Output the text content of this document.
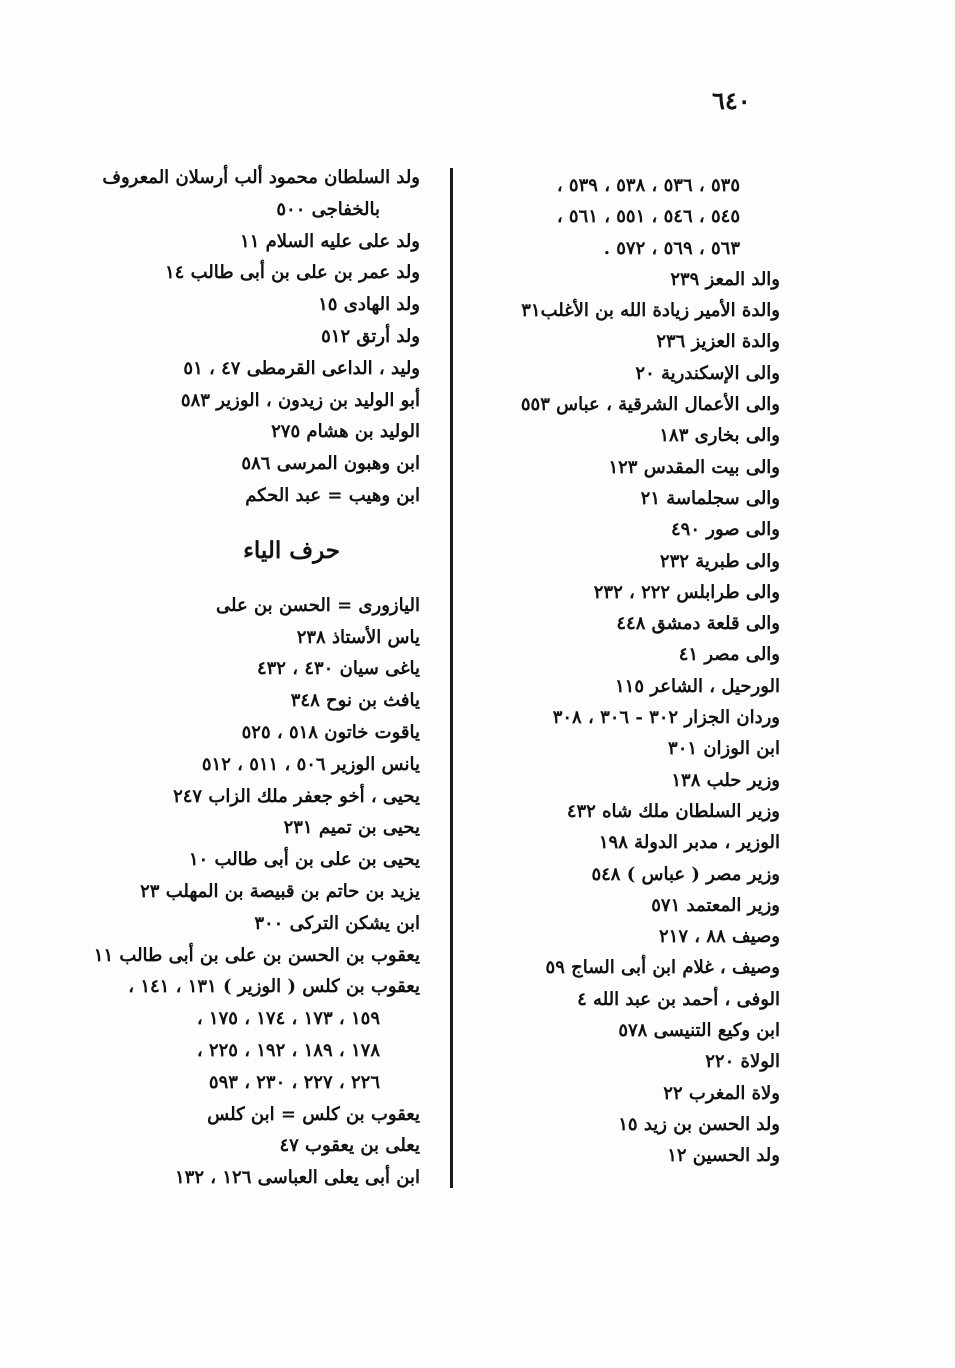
٦٤٠
٥٣٥ ، ٥٣٦ ، ٥٣٨ ، ٥٣٩ ،
٥٤٥ ، ٥٤٦ ، ٥٥١ ، ٥٦١ ،
٥٦٣ ، ٥٦٩ ، ٥٧٢ .
والد المعز ٢٣٩
والدة الأمير زيادة الله بن الأغلب٣١
والدة العزيز ٢٣٦
والى الإسكندرية ٢٠
والى الأعمال الشرقية ، عباس ٥٥٣
والى بخارى ١٨٣
والى بيت المقدس ١٢٣
والى سجلماسة ٢١
والى صور ٤٩٠
والى طبرية ٢٣٢
والى طرابلس ٢٢٢ ، ٢٣٢
والى قلعة دمشق ٤٤٨
والى مصر ٤١
الورحيل ، الشاعر ١١٥
وردان الجزار ٣٠٢ - ٣٠٦ ، ٣٠٨
ابن الوزان ٣٠١
وزير حلب ١٣٨
وزير السلطان ملك شاه ٤٣٢
الوزير ، مدبر الدولة ١٩٨
وزير مصر ( عباس ) ٥٤٨
وزير المعتمد ٥٧١
وصيف ٨٨ ، ٢١٧
وصيف ، غلام ابن أبى الساج ٥٩
الوفى ، أحمد بن عبد الله ٤
ابن وكيع التنيسى ٥٧٨
الولاة ٢٢٠
ولاة المغرب ٢٢
ولد الحسن بن زيد ١٥
ولد الحسين ١٢
ولد السلطان محمود ألب أرسلان المعروف
بالخفاجى ٥٠٠
ولد على عليه السلام ١١
ولد عمر بن على بن أبى طالب ١٤
ولد الهادى ١٥
ولد أرتق ٥١٢
وليد ، الداعى القرمطى ٤٧ ، ٥١
أبو الوليد بن زيدون ، الوزير ٥٨٣
الوليد بن هشام ٢٧٥
ابن وهبون المرسى ٥٨٦
ابن وهيب = عبد الحكم
حرف الياء
اليازورى = الحسن بن على
ياس الأستاذ ٢٣٨
ياغى سيان ٤٣٠ ، ٤٣٢
يافث بن نوح ٣٤٨
ياقوت خاتون ٥١٨ ، ٥٢٥
يانس الوزير ٥٠٦ ، ٥١١ ، ٥١٢
يحيى ، أخو جعفر ملك الزاب ٢٤٧
يحيى بن تميم ٢٣١
يحيى بن على بن أبى طالب ١٠
يزيد بن حاتم بن قبيصة بن المهلب ٢٣
ابن يشكن التركى ٣٠٠
يعقوب بن الحسن بن على بن أبى طالب ١١
يعقوب بن كلس ( الوزير ) ١٣١ ، ١٤١ ،
١٥٩ ، ١٧٣ ، ١٧٤ ، ١٧٥ ،
١٧٨ ، ١٨٩ ، ١٩٢ ، ٢٢٥ ،
٢٢٦ ، ٢٢٧ ، ٢٣٠ ، ٥٩٣
يعقوب بن كلس = ابن كلس
يعلى بن يعقوب ٤٧
ابن أبى يعلى العباسى ١٢٦ ، ١٣٢
